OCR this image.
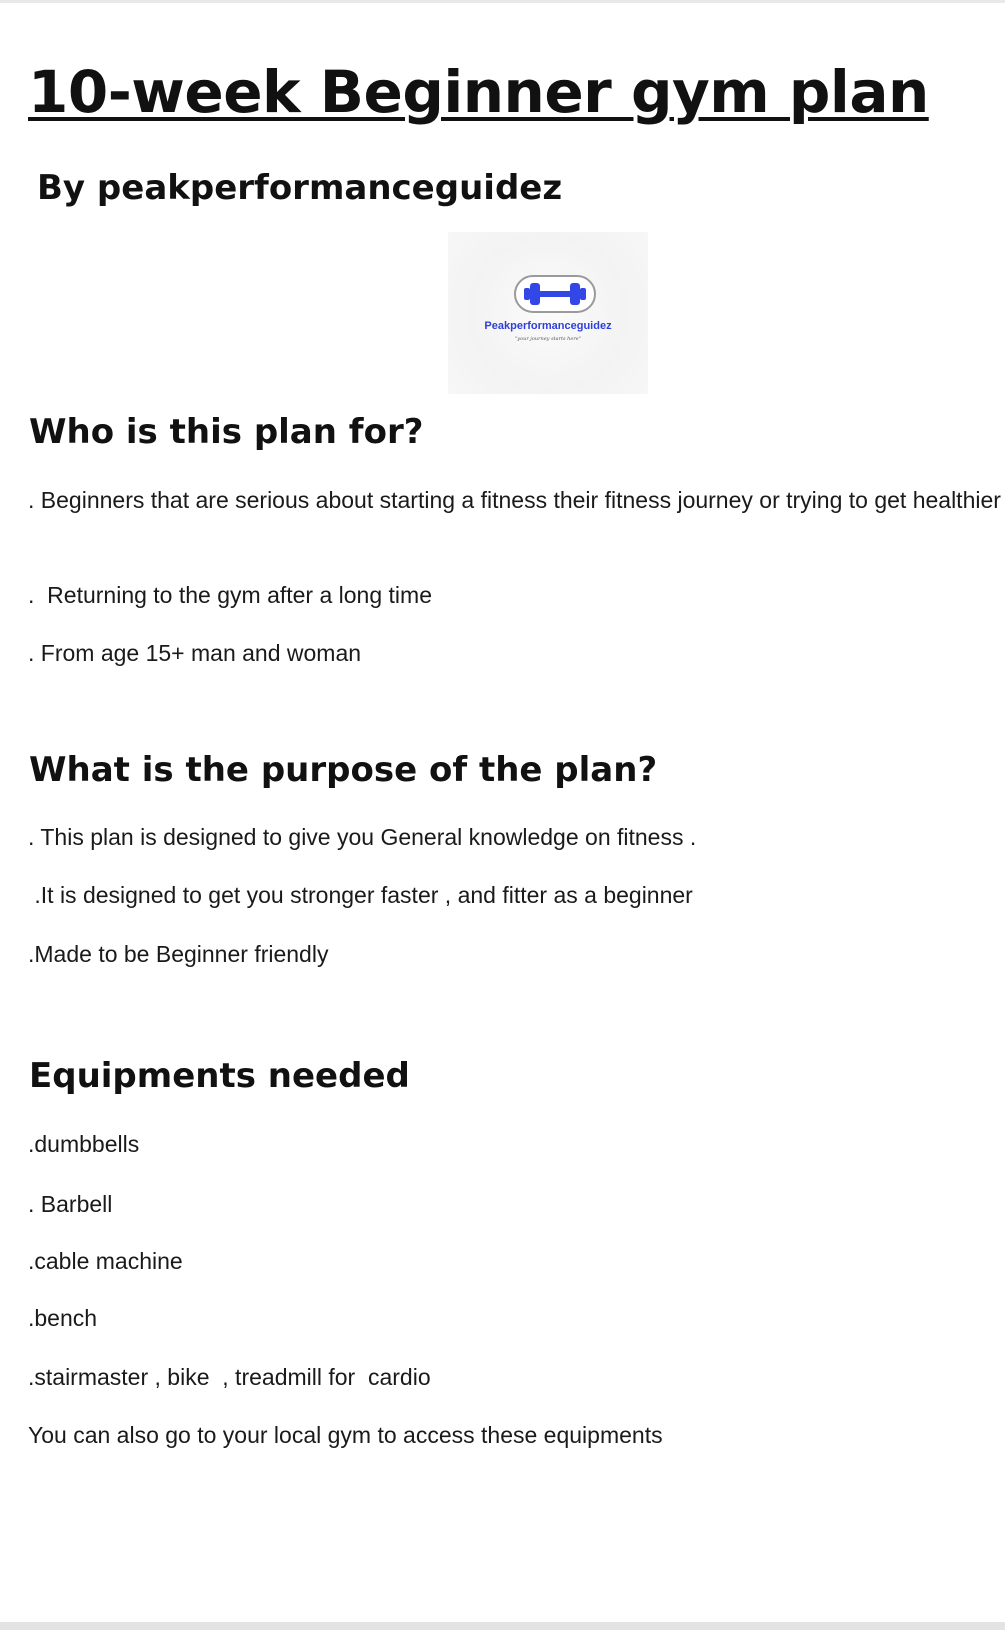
10-week Beginner gym plan
By peakperformanceguidez
Peakperformanceguidez
"your journey starts here"
Who is this plan for?

. Beginners that are serious about starting a fitness their fitness journey or trying to get healthier

.  Returning to the gym after a long time

. From age 15+ man and woman

What is the purpose of the plan?

. This plan is designed to give you General knowledge on fitness .

.It is designed to get you stronger faster , and fitter as a beginner

.Made to be Beginner friendly

Equipments needed

.dumbbells

. Barbell

.cable machine

.bench

.stairmaster , bike  , treadmill for  cardio

You can also go to your local gym to access these equipments
